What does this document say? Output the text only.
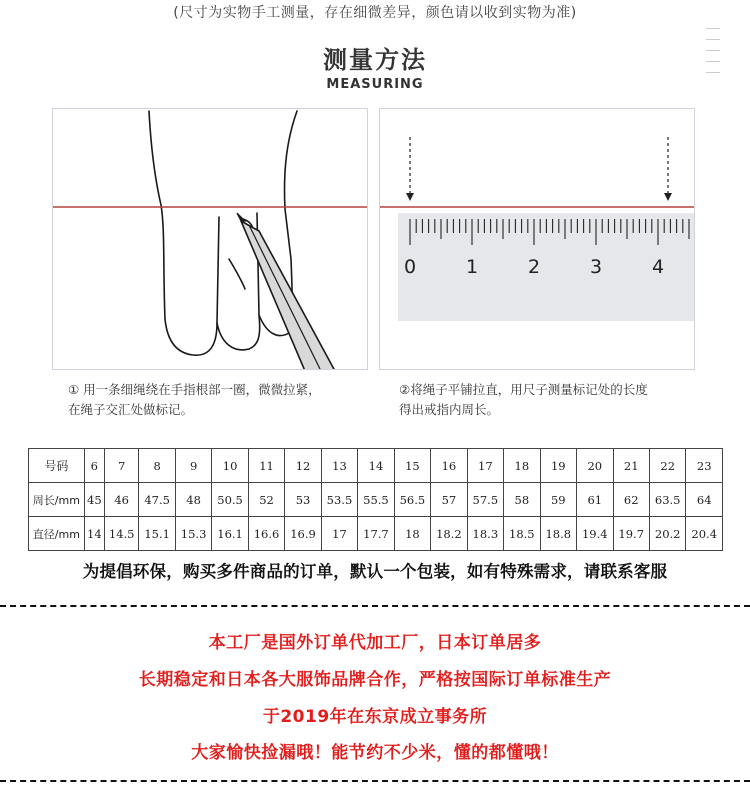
(尺寸为实物手工测量，存在细微差异，颜色请以收到实物为准)
测量方法
MEASURING
0	1	2	3	4
① 用一条细绳绕在手指根部一圈，微微拉紧，
在绳子交汇处做标记。
②将绳子平铺拉直，用尺子测量标记处的长度
得出戒指内周长。
号码	6	7	8	9	10	11	12	13	14	15	16	17	18	19	20	21	22	23
周长/mm	45	46	47.5	48	50.5	52	53	53.5	55.5	56.5	57	57.5	58	59	61	62	63.5	64
直径/mm	14	14.5	15.1	15.3	16.1	16.6	16.9	17	17.7	18	18.2	18.3	18.5	18.8	19.4	19.7	20.2	20.4
为提倡环保，购买多件商品的订单，默认一个包装，如有特殊需求，请联系客服
本工厂是国外订单代加工厂，日本订单居多
长期稳定和日本各大服饰品牌合作，严格按国际订单标准生产
于2019年在东京成立事务所
大家愉快捡漏哦！能节约不少米，懂的都懂哦！
